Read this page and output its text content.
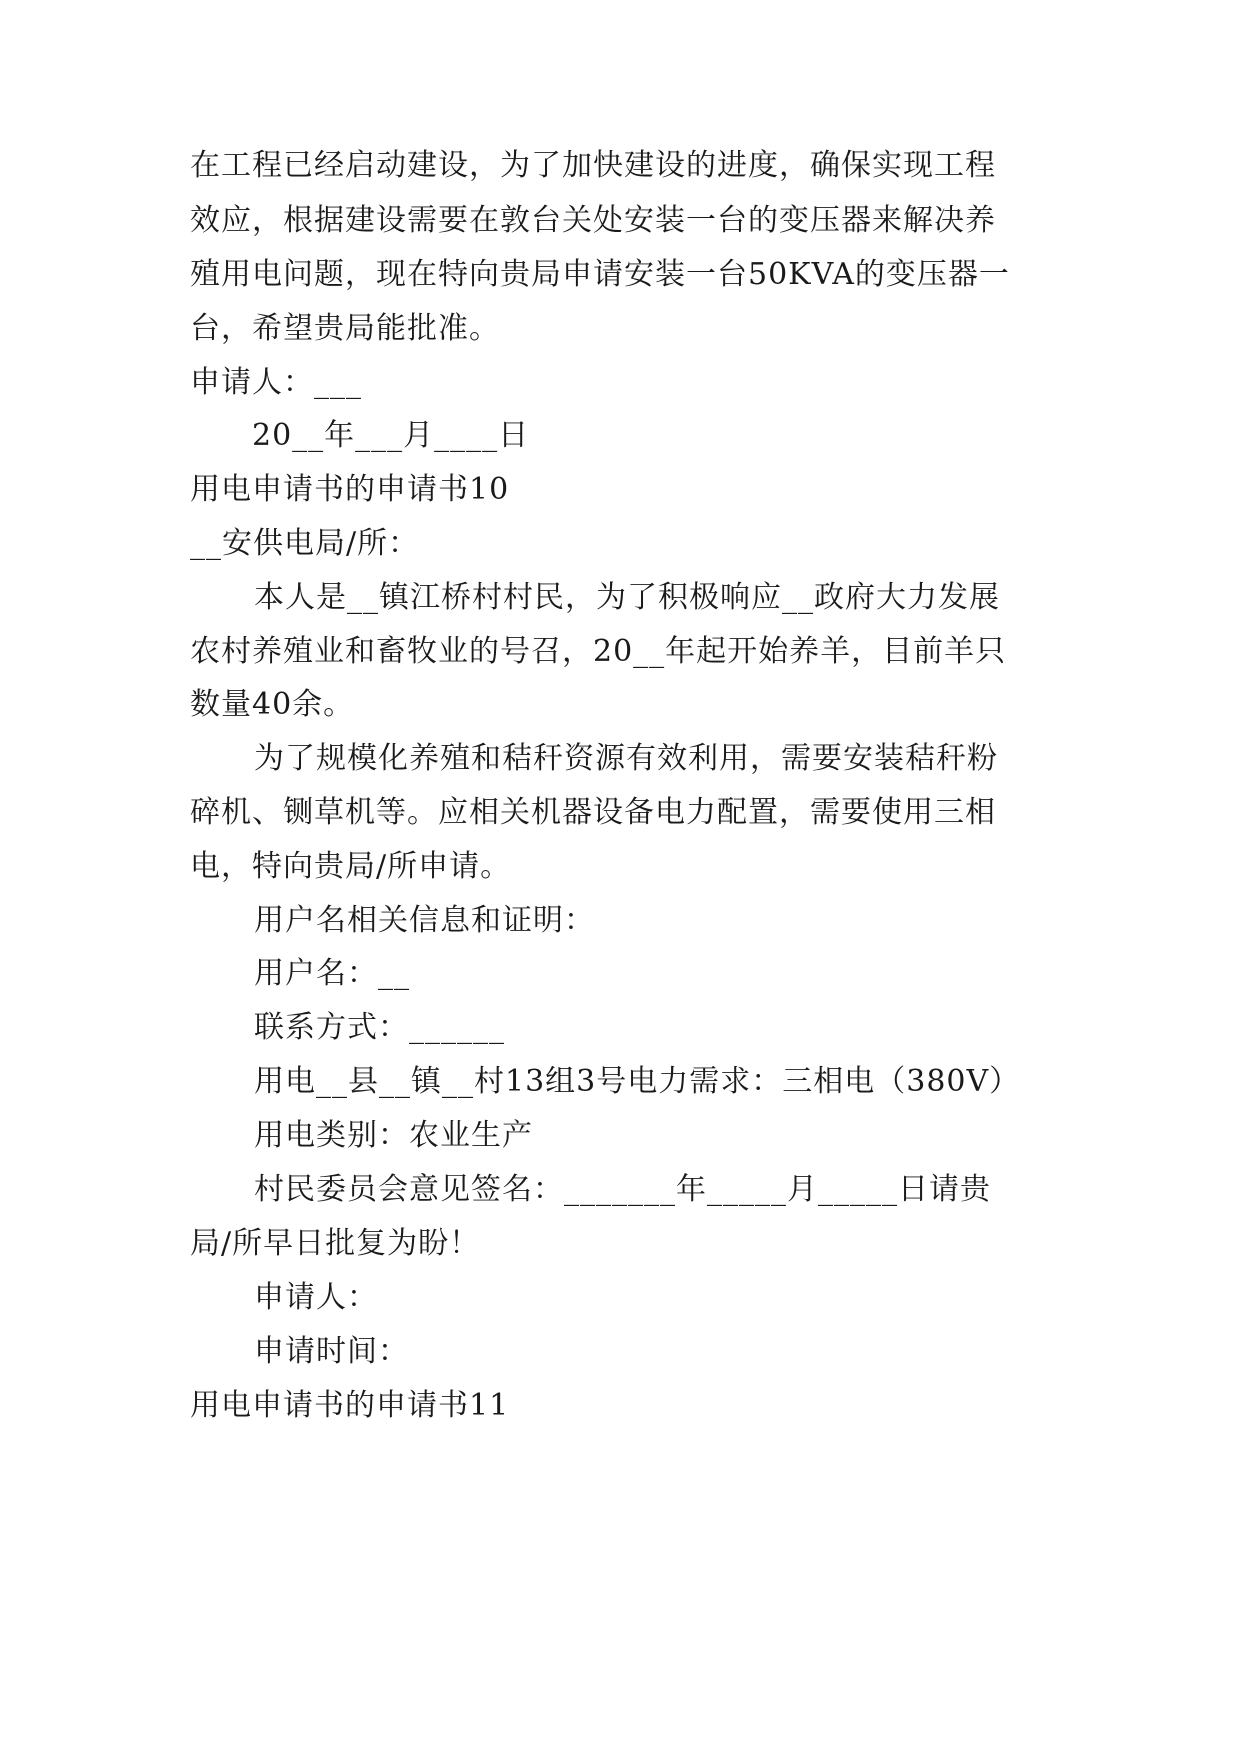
在工程已经启动建设，为了加快建设的进度，确保实现工程
效应，根据建设需要在敦台关处安装一台的变压器来解决养
殖用电问题，现在特向贵局申请安装一台50KVA的变压器一
台，希望贵局能批准。
申请人：___
20__年___月____日
用电申请书的申请书10
__安供电局/所：
本人是__镇江桥村村民，为了积极响应__政府大力发展
农村养殖业和畜牧业的号召，20__年起开始养羊，目前羊只
数量40余。
为了规模化养殖和秸秆资源有效利用，需要安装秸秆粉
碎机、铡草机等。应相关机器设备电力配置，需要使用三相
电，特向贵局/所申请。
用户名相关信息和证明：
用户名：__
联系方式：______
用电__县__镇__村13组3号电力需求：三相电（380V）
用电类别：农业生产
村民委员会意见签名：_______年_____月_____日请贵
局/所早日批复为盼！
申请人：
申请时间：
用电申请书的申请书11
